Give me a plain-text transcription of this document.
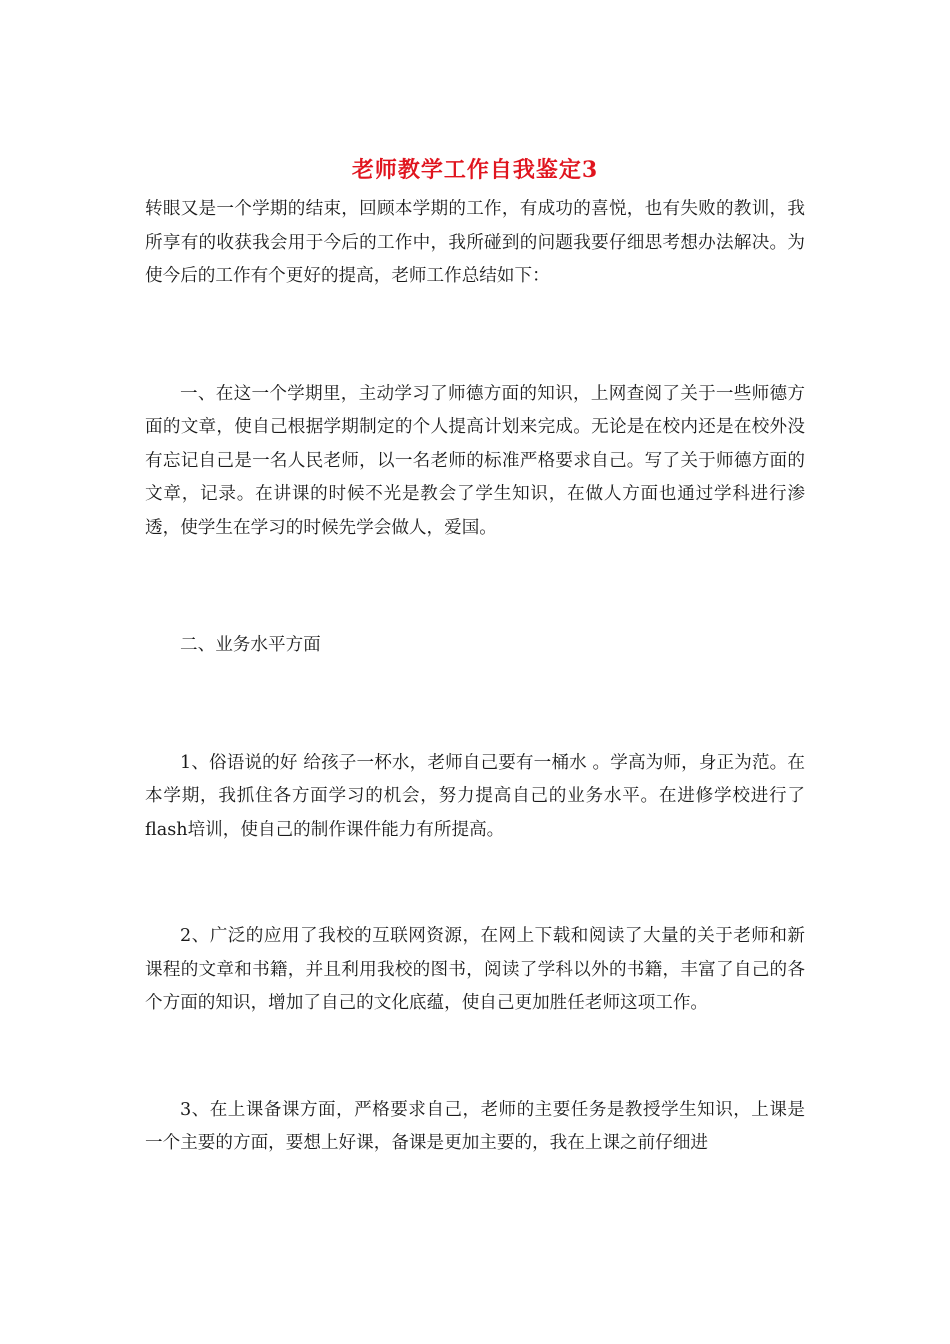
老师教学工作自我鉴定3

转眼又是一个学期的结束，回顾本学期的工作，有成功的喜悦，也有失败的教训，我所享有的收获我会用于今后的工作中，我所碰到的问题我要仔细思考想办法解决。为使今后的工作有个更好的提高，老师工作总结如下：

一、在这一个学期里，主动学习了师德方面的知识，上网查阅了关于一些师德方面的文章，使自己根据学期制定的个人提高计划来完成。无论是在校内还是在校外没有忘记自己是一名人民老师，以一名老师的标准严格要求自己。写了关于师德方面的文章，记录。在讲课的时候不光是教会了学生知识，在做人方面也通过学科进行渗透，使学生在学习的时候先学会做人，爱国。

二、业务水平方面

1、俗语说的好 给孩子一杯水，老师自己要有一桶水 。学高为师，身正为范。在本学期，我抓住各方面学习的机会，努力提高自己的业务水平。在进修学校进行了flash培训，使自己的制作课件能力有所提高。

2、广泛的应用了我校的互联网资源，在网上下载和阅读了大量的关于老师和新课程的文章和书籍，并且利用我校的图书，阅读了学科以外的书籍，丰富了自己的各个方面的知识，增加了自己的文化底蕴，使自己更加胜任老师这项工作。

3、在上课备课方面，严格要求自己，老师的主要任务是教授学生知识，上课是一个主要的方面，要想上好课，备课是更加主要的，我在上课之前仔细进
